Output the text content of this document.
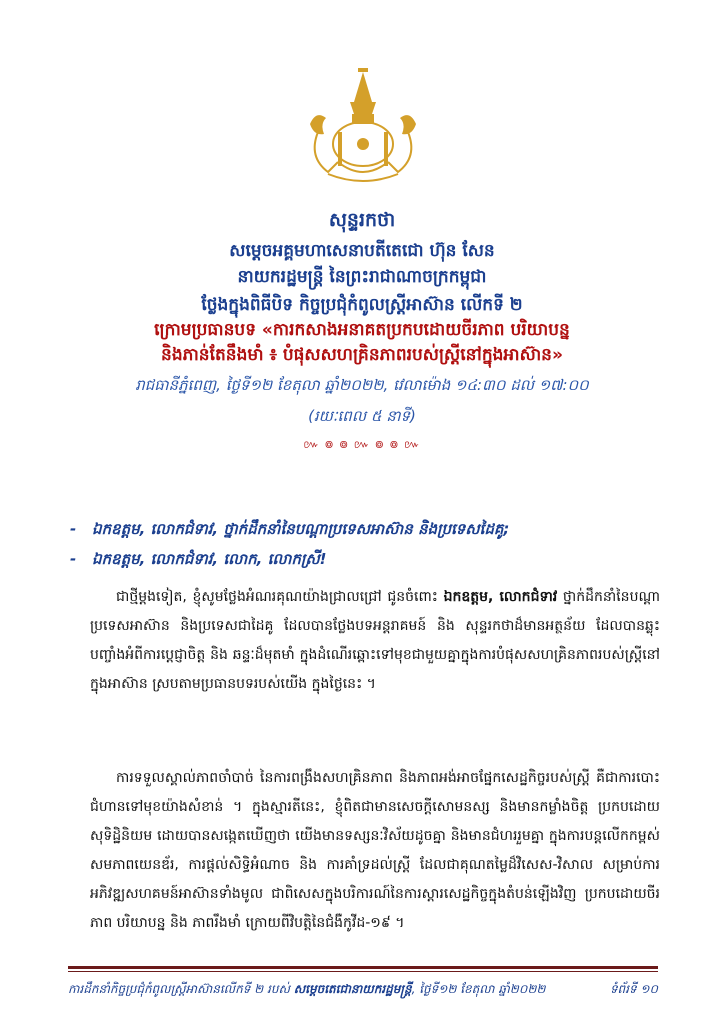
សុន្ទរកថា
សម្តេចអគ្គមហាសេនាបតីតេជោ ហ៊ុន សែន
នាយករដ្ឋមន្ត្រី នៃព្រះរាជាណាចក្រកម្ពុជា
ថ្លែងក្នុងពិធីបិទ កិច្ចប្រជុំកំពូលស្ត្រីអាស៊ាន លើកទី ២
ក្រោមប្រធានបទ «ការកសាងអនាគតប្រកបដោយចីរភាព បរិយាបន្ន
និងភាន់តែនឹងមាំ ៖ បំផុសសហគ្រិនភាពរបស់ស្ត្រីនៅក្នុងអាស៊ាន»
រាជធានីភ្នំពេញ, ថ្ងៃទី១២ ខែតុលា ឆ្នាំ២០២២, វេលាម៉ោង ១៤:៣០ ដល់ ១៧:០០
(រយៈពេល ៥ នាទី)
៚ ៙ ៙ ៚ ៙ ៙ ៚
- ឯកឧត្តម, លោកជំទាវ, ថ្នាក់ដឹកនាំនៃបណ្ដាប្រទេសអាស៊ាន និងប្រទេសដៃគូ;
- ឯកឧត្តម, លោកជំទាវ, លោក, លោកស្រី!
ជាថ្មីម្តងទៀត, ខ្ញុំសូមថ្លែងអំណរគុណយ៉ាងជ្រាលជ្រៅ ជូនចំពោះ ឯកឧត្តម, លោកជំទាវ ថ្នាក់ដឹកនាំនៃបណ្ដាប្រទេសអាស៊ាន និងប្រទេសជាដៃគូ ដែលបានថ្លែងបទអន្តរាគមន៍ និង សុន្ទរកថាដ៏មានអត្ថន័យ ដែលបានឆ្លុះបញ្ចាំងអំពីការប្តេជ្ញាចិត្ត និង ឆន្ទៈដ៏មុតមាំ ក្នុងដំណើរឆ្ពោះទៅមុខជាមួយគ្នាក្នុងការបំផុសសហគ្រិនភាពរបស់ស្ត្រីនៅក្នុងអាស៊ាន ស្របតាមប្រធានបទរបស់យើង ក្នុងថ្ងៃនេះ ។
ការទទួលស្គាល់ភាពចាំបាច់ នៃការពង្រឹងសហគ្រិនភាព និងភាពអង់អាចផ្នែកសេដ្ឋកិច្ចរបស់ស្ត្រី គឺជាការបោះជំហានទៅមុខយ៉ាងសំខាន់ ។ ក្នុងស្មារតីនេះ, ខ្ញុំពិតជាមានសេចក្តីសោមនស្ស និងមានកម្លាំងចិត្ត ប្រកបដោយសុទិដ្ឋិនិយម ដោយបានសង្កេតឃើញថា យើងមានទស្សនៈវិស័យដូចគ្នា និងមានជំហររួមគ្នា ក្នុងការបន្តលើកកម្ពស់សមភាពយេនឌ័រ, ការផ្តល់សិទ្ធិអំណាច និង ការគាំទ្រដល់ស្ត្រី ដែលជាគុណតម្លៃដ៏វិសេស-វិសាល សម្រាប់ការអភិវឌ្ឍសហគមន៍អាស៊ានទាំងមូល ជាពិសេសក្នុងបរិការណ៍នៃការស្តារសេដ្ឋកិច្ចក្នុងតំបន់ឡើងវិញ ប្រកបដោយចីរភាព បរិយាបន្ន និង ភាពរឹងមាំ ក្រោយពីវិបត្តិនៃជំងឺកូវីដ-១៩ ។
ការដឹកនាំកិច្ចប្រជុំកំពូលស្ត្រីអាស៊ានលើកទី ២ របស់ សម្តេចតេជោនាយករដ្ឋមន្ត្រី, ថ្ងៃទី១២ ខែតុលា ឆ្នាំ២០២២	ទំព័រទី ១០
